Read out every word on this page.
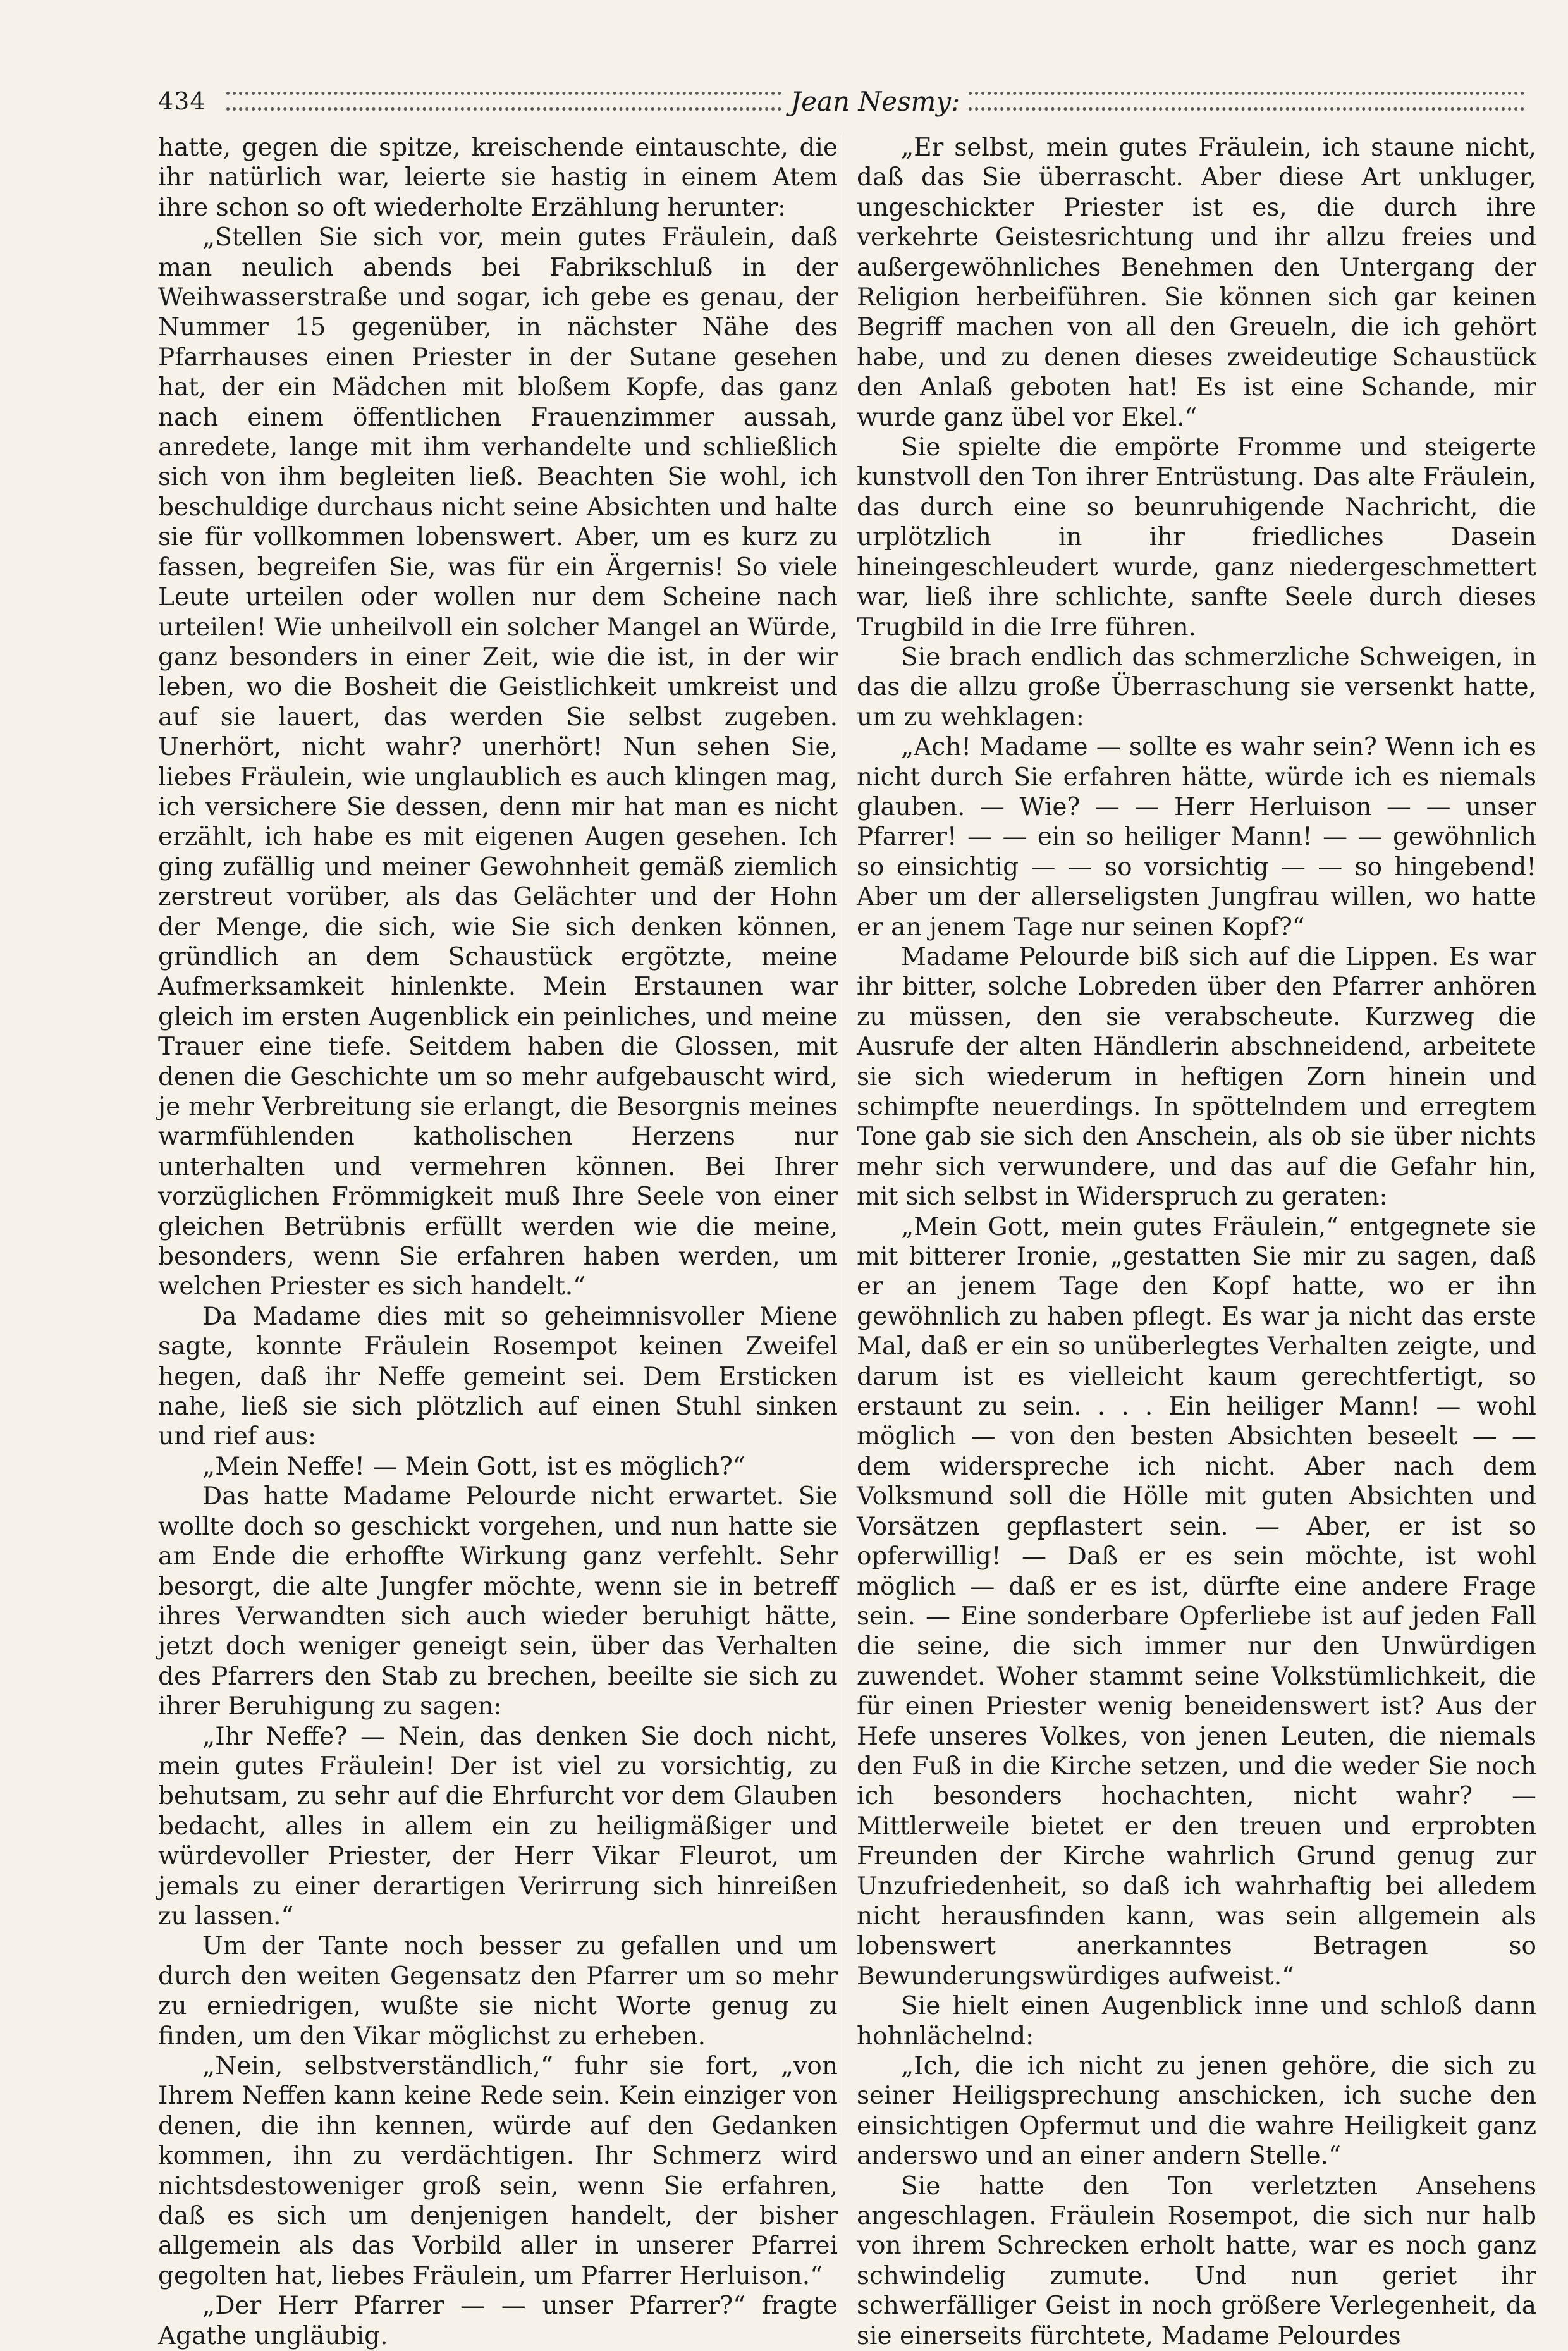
434	Jean Nesmy:

hatte, gegen die spitze, kreischende eintauschte, die ihr natürlich war, leierte sie hastig in einem Atem ihre schon so oft wiederholte Erzählung herunter:

„Stellen Sie sich vor, mein gutes Fräulein, daß man neulich abends bei Fabrikschluß in der Weihwasserstraße und sogar, ich gebe es genau, der Nummer 15 gegenüber, in nächster Nähe des Pfarrhauses einen Priester in der Sutane gesehen hat, der ein Mädchen mit bloßem Kopfe, das ganz nach einem öffentlichen Frauenzimmer aussah, anredete, lange mit ihm verhandelte und schließlich sich von ihm begleiten ließ. Beachten Sie wohl, ich beschuldige durchaus nicht seine Absichten und halte sie für vollkommen lobenswert. Aber, um es kurz zu fassen, begreifen Sie, was für ein Ärgernis! So viele Leute urteilen oder wollen nur dem Scheine nach urteilen! Wie unheilvoll ein solcher Mangel an Würde, ganz besonders in einer Zeit, wie die ist, in der wir leben, wo die Bosheit die Geistlichkeit umkreist und auf sie lauert, das werden Sie selbst zugeben. Unerhört, nicht wahr? unerhört! Nun sehen Sie, liebes Fräulein, wie unglaublich es auch klingen mag, ich versichere Sie dessen, denn mir hat man es nicht erzählt, ich habe es mit eigenen Augen gesehen. Ich ging zufällig und meiner Gewohnheit gemäß ziemlich zerstreut vorüber, als das Gelächter und der Hohn der Menge, die sich, wie Sie sich denken können, gründlich an dem Schaustück ergötzte, meine Aufmerksamkeit hinlenkte. Mein Erstaunen war gleich im ersten Augenblick ein peinliches, und meine Trauer eine tiefe. Seitdem haben die Glossen, mit denen die Geschichte um so mehr aufgebauscht wird, je mehr Verbreitung sie erlangt, die Besorgnis meines warmfühlenden katholischen Herzens nur unterhalten und vermehren können. Bei Ihrer vorzüglichen Frömmigkeit muß Ihre Seele von einer gleichen Betrübnis erfüllt werden wie die meine, besonders, wenn Sie erfahren haben werden, um welchen Priester es sich handelt.“

Da Madame dies mit so geheimnisvoller Miene sagte, konnte Fräulein Rosempot keinen Zweifel hegen, daß ihr Neffe gemeint sei. Dem Ersticken nahe, ließ sie sich plötzlich auf einen Stuhl sinken und rief aus:

„Mein Neffe! — Mein Gott, ist es möglich?“

Das hatte Madame Pelourde nicht erwartet. Sie wollte doch so geschickt vorgehen, und nun hatte sie am Ende die erhoffte Wirkung ganz verfehlt. Sehr besorgt, die alte Jungfer möchte, wenn sie in betreff ihres Verwandten sich auch wieder beruhigt hätte, jetzt doch weniger geneigt sein, über das Verhalten des Pfarrers den Stab zu brechen, beeilte sie sich zu ihrer Beruhigung zu sagen:

„Ihr Neffe? — Nein, das denken Sie doch nicht, mein gutes Fräulein! Der ist viel zu vorsichtig, zu behutsam, zu sehr auf die Ehrfurcht vor dem Glauben bedacht, alles in allem ein zu heiligmäßiger und würdevoller Priester, der Herr Vikar Fleurot, um jemals zu einer derartigen Verirrung sich hinreißen zu lassen.“

Um der Tante noch besser zu gefallen und um durch den weiten Gegensatz den Pfarrer um so mehr zu erniedrigen, wußte sie nicht Worte genug zu finden, um den Vikar möglichst zu erheben.

„Nein, selbstverständlich,“ fuhr sie fort, „von Ihrem Neffen kann keine Rede sein. Kein einziger von denen, die ihn kennen, würde auf den Gedanken kommen, ihn zu verdächtigen. Ihr Schmerz wird nichtsdestoweniger groß sein, wenn Sie erfahren, daß es sich um denjenigen handelt, der bisher allgemein als das Vorbild aller in unserer Pfarrei gegolten hat, liebes Fräulein, um Pfarrer Herluison.“

„Der Herr Pfarrer — — unser Pfarrer?“ fragte Agathe ungläubig.

„Er selbst, mein gutes Fräulein, ich staune nicht, daß das Sie überrascht. Aber diese Art unkluger, ungeschickter Priester ist es, die durch ihre verkehrte Geistesrichtung und ihr allzu freies und außergewöhnliches Benehmen den Untergang der Religion herbeiführen. Sie können sich gar keinen Begriff machen von all den Greueln, die ich gehört habe, und zu denen dieses zweideutige Schaustück den Anlaß geboten hat! Es ist eine Schande, mir wurde ganz übel vor Ekel.“

Sie spielte die empörte Fromme und steigerte kunstvoll den Ton ihrer Entrüstung. Das alte Fräulein, das durch eine so beunruhigende Nachricht, die urplötzlich in ihr friedliches Dasein hineingeschleudert wurde, ganz niedergeschmettert war, ließ ihre schlichte, sanfte Seele durch dieses Trugbild in die Irre führen.

Sie brach endlich das schmerzliche Schweigen, in das die allzu große Überraschung sie versenkt hatte, um zu wehklagen:

„Ach! Madame — sollte es wahr sein? Wenn ich es nicht durch Sie erfahren hätte, würde ich es niemals glauben. — Wie? — — Herr Herluison — — unser Pfarrer! — — ein so heiliger Mann! — — gewöhnlich so einsichtig — — so vorsichtig — — so hingebend! Aber um der allerseligsten Jungfrau willen, wo hatte er an jenem Tage nur seinen Kopf?“

Madame Pelourde biß sich auf die Lippen. Es war ihr bitter, solche Lobreden über den Pfarrer anhören zu müssen, den sie verabscheute. Kurzweg die Ausrufe der alten Händlerin abschneidend, arbeitete sie sich wiederum in heftigen Zorn hinein und schimpfte neuerdings. In spöttelndem und erregtem Tone gab sie sich den Anschein, als ob sie über nichts mehr sich verwundere, und das auf die Gefahr hin, mit sich selbst in Widerspruch zu geraten:

„Mein Gott, mein gutes Fräulein,“ entgegnete sie mit bitterer Ironie, „gestatten Sie mir zu sagen, daß er an jenem Tage den Kopf hatte, wo er ihn gewöhnlich zu haben pflegt. Es war ja nicht das erste Mal, daß er ein so unüberlegtes Verhalten zeigte, und darum ist es vielleicht kaum gerechtfertigt, so erstaunt zu sein. . . . Ein heiliger Mann! — wohl möglich — von den besten Absichten beseelt — — dem widerspreche ich nicht. Aber nach dem Volksmund soll die Hölle mit guten Absichten und Vorsätzen gepflastert sein. — Aber, er ist so opferwillig! — Daß er es sein möchte, ist wohl möglich — daß er es ist, dürfte eine andere Frage sein. — Eine sonderbare Opferliebe ist auf jeden Fall die seine, die sich immer nur den Unwürdigen zuwendet. Woher stammt seine Volkstümlichkeit, die für einen Priester wenig beneidenswert ist? Aus der Hefe unseres Volkes, von jenen Leuten, die niemals den Fuß in die Kirche setzen, und die weder Sie noch ich besonders hochachten, nicht wahr? — Mittlerweile bietet er den treuen und erprobten Freunden der Kirche wahrlich Grund genug zur Unzufriedenheit, so daß ich wahrhaftig bei alledem nicht herausfinden kann, was sein allgemein als lobenswert anerkanntes Betragen so Bewunderungswürdiges aufweist.“

Sie hielt einen Augenblick inne und schloß dann hohnlächelnd:

„Ich, die ich nicht zu jenen gehöre, die sich zu seiner Heiligsprechung anschicken, ich suche den einsichtigen Opfermut und die wahre Heiligkeit ganz anderswo und an einer andern Stelle.“

Sie hatte den Ton verletzten Ansehens angeschlagen. Fräulein Rosempot, die sich nur halb von ihrem Schrecken erholt hatte, war es noch ganz schwindelig zumute. Und nun geriet ihr schwerfälliger Geist in noch größere Verlegenheit, da sie einerseits fürchtete, Madame Pelourdes
